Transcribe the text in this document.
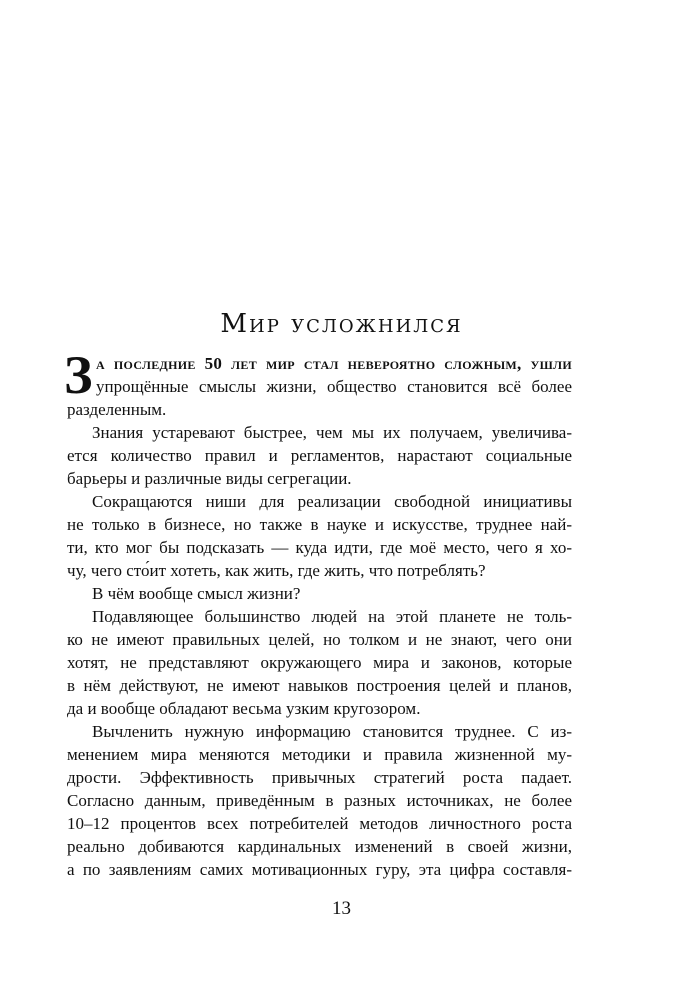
Мир усложнился
З а последние 50 лет мир стал невероятно сложным, ушли
упрощённые смыслы жизни, общество становится всё более
разделенным.
Знания устаревают быстрее, чем мы их получаем, увеличива-
ется количество правил и регламентов, нарастают социальные
барьеры и различные виды сегрегации.
Сокращаются ниши для реализации свободной инициативы
не только в бизнесе, но также в науке и искусстве, труднее най-
ти, кто мог бы подсказать — куда идти, где моё место, чего я хо-
чу, чего сто́ит хотеть, как жить, где жить, что потреблять?
В чём вообще смысл жизни?
Подавляющее большинство людей на этой планете не толь-
ко не имеют правильных целей, но толком и не знают, чего они
хотят, не представляют окружающего мира и законов, которые
в нём действуют, не имеют навыков построения целей и планов,
да и вообще обладают весьма узким кругозором.
Вычленить нужную информацию становится труднее. С из-
менением мира меняются методики и правила жизненной му-
дрости. Эффективность привычных стратегий роста падает.
Согласно данным, приведённым в разных источниках, не более
10–12 процентов всех потребителей методов личностного роста
реально добиваются кардинальных изменений в своей жизни,
а по заявлениям самих мотивационных гуру, эта цифра составля-
13
